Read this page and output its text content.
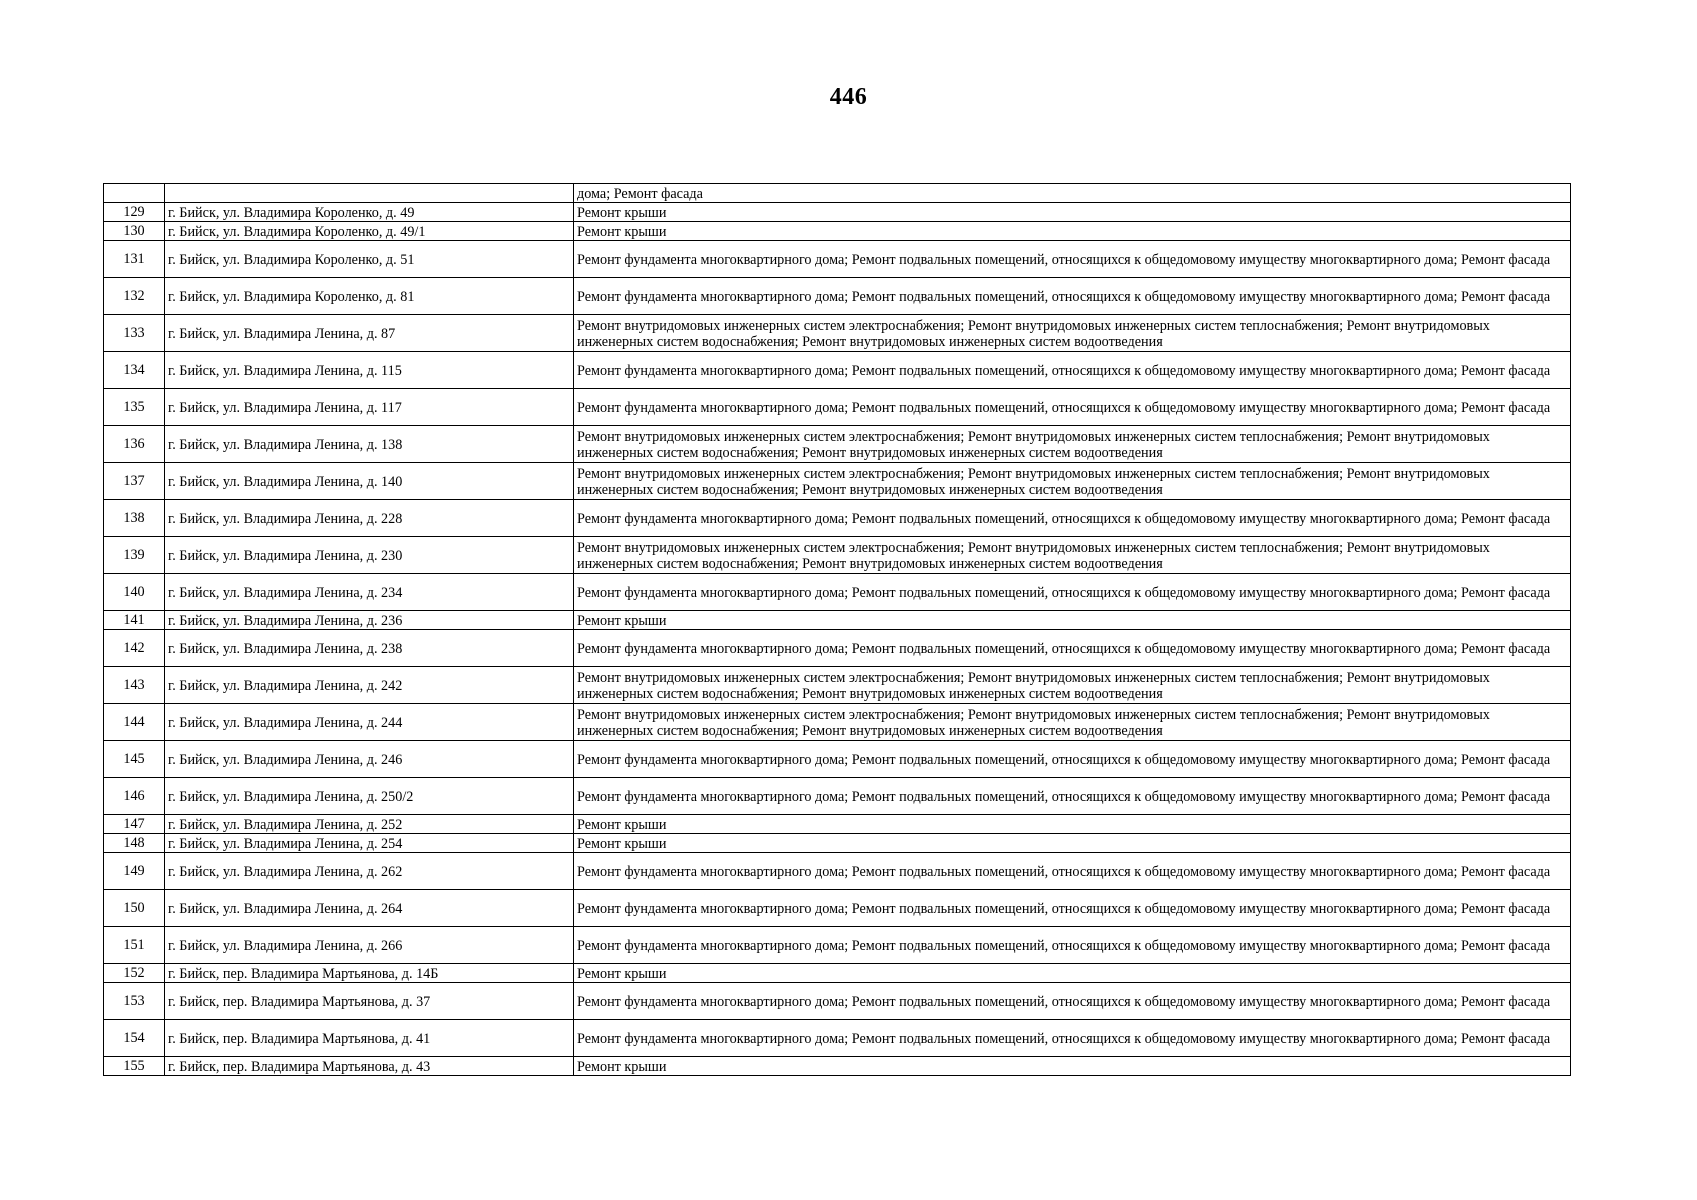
446
		дома; Ремонт фасада
129	г. Бийск, ул. Владимира Короленко, д. 49	Ремонт крыши
130	г. Бийск, ул. Владимира Короленко, д. 49/1	Ремонт крыши
131	г. Бийск, ул. Владимира Короленко, д. 51	Ремонт фундамента многоквартирного дома; Ремонт подвальных помещений, относящихся к общедомовому имуществу многоквартирного дома; Ремонт фасада
132	г. Бийск, ул. Владимира Короленко, д. 81	Ремонт фундамента многоквартирного дома; Ремонт подвальных помещений, относящихся к общедомовому имуществу многоквартирного дома; Ремонт фасада
133	г. Бийск, ул. Владимира Ленина, д. 87	Ремонт внутридомовых инженерных систем электроснабжения; Ремонт внутридомовых инженерных систем теплоснабжения; Ремонт внутридомовых инженерных систем водоснабжения; Ремонт внутридомовых инженерных систем водоотведения
134	г. Бийск, ул. Владимира Ленина, д. 115	Ремонт фундамента многоквартирного дома; Ремонт подвальных помещений, относящихся к общедомовому имуществу многоквартирного дома; Ремонт фасада
135	г. Бийск, ул. Владимира Ленина, д. 117	Ремонт фундамента многоквартирного дома; Ремонт подвальных помещений, относящихся к общедомовому имуществу многоквартирного дома; Ремонт фасада
136	г. Бийск, ул. Владимира Ленина, д. 138	Ремонт внутридомовых инженерных систем электроснабжения; Ремонт внутридомовых инженерных систем теплоснабжения; Ремонт внутридомовых инженерных систем водоснабжения; Ремонт внутридомовых инженерных систем водоотведения
137	г. Бийск, ул. Владимира Ленина, д. 140	Ремонт внутридомовых инженерных систем электроснабжения; Ремонт внутридомовых инженерных систем теплоснабжения; Ремонт внутридомовых инженерных систем водоснабжения; Ремонт внутридомовых инженерных систем водоотведения
138	г. Бийск, ул. Владимира Ленина, д. 228	Ремонт фундамента многоквартирного дома; Ремонт подвальных помещений, относящихся к общедомовому имуществу многоквартирного дома; Ремонт фасада
139	г. Бийск, ул. Владимира Ленина, д. 230	Ремонт внутридомовых инженерных систем электроснабжения; Ремонт внутридомовых инженерных систем теплоснабжения; Ремонт внутридомовых инженерных систем водоснабжения; Ремонт внутридомовых инженерных систем водоотведения
140	г. Бийск, ул. Владимира Ленина, д. 234	Ремонт фундамента многоквартирного дома; Ремонт подвальных помещений, относящихся к общедомовому имуществу многоквартирного дома; Ремонт фасада
141	г. Бийск, ул. Владимира Ленина, д. 236	Ремонт крыши
142	г. Бийск, ул. Владимира Ленина, д. 238	Ремонт фундамента многоквартирного дома; Ремонт подвальных помещений, относящихся к общедомовому имуществу многоквартирного дома; Ремонт фасада
143	г. Бийск, ул. Владимира Ленина, д. 242	Ремонт внутридомовых инженерных систем электроснабжения; Ремонт внутридомовых инженерных систем теплоснабжения; Ремонт внутридомовых инженерных систем водоснабжения; Ремонт внутридомовых инженерных систем водоотведения
144	г. Бийск, ул. Владимира Ленина, д. 244	Ремонт внутридомовых инженерных систем электроснабжения; Ремонт внутридомовых инженерных систем теплоснабжения; Ремонт внутридомовых инженерных систем водоснабжения; Ремонт внутридомовых инженерных систем водоотведения
145	г. Бийск, ул. Владимира Ленина, д. 246	Ремонт фундамента многоквартирного дома; Ремонт подвальных помещений, относящихся к общедомовому имуществу многоквартирного дома; Ремонт фасада
146	г. Бийск, ул. Владимира Ленина, д. 250/2	Ремонт фундамента многоквартирного дома; Ремонт подвальных помещений, относящихся к общедомовому имуществу многоквартирного дома; Ремонт фасада
147	г. Бийск, ул. Владимира Ленина, д. 252	Ремонт крыши
148	г. Бийск, ул. Владимира Ленина, д. 254	Ремонт крыши
149	г. Бийск, ул. Владимира Ленина, д. 262	Ремонт фундамента многоквартирного дома; Ремонт подвальных помещений, относящихся к общедомовому имуществу многоквартирного дома; Ремонт фасада
150	г. Бийск, ул. Владимира Ленина, д. 264	Ремонт фундамента многоквартирного дома; Ремонт подвальных помещений, относящихся к общедомовому имуществу многоквартирного дома; Ремонт фасада
151	г. Бийск, ул. Владимира Ленина, д. 266	Ремонт фундамента многоквартирного дома; Ремонт подвальных помещений, относящихся к общедомовому имуществу многоквартирного дома; Ремонт фасада
152	г. Бийск, пер. Владимира Мартьянова, д. 14Б	Ремонт крыши
153	г. Бийск, пер. Владимира Мартьянова, д. 37	Ремонт фундамента многоквартирного дома; Ремонт подвальных помещений, относящихся к общедомовому имуществу многоквартирного дома; Ремонт фасада
154	г. Бийск, пер. Владимира Мартьянова, д. 41	Ремонт фундамента многоквартирного дома; Ремонт подвальных помещений, относящихся к общедомовому имуществу многоквартирного дома; Ремонт фасада
155	г. Бийск, пер. Владимира Мартьянова, д. 43	Ремонт крыши
